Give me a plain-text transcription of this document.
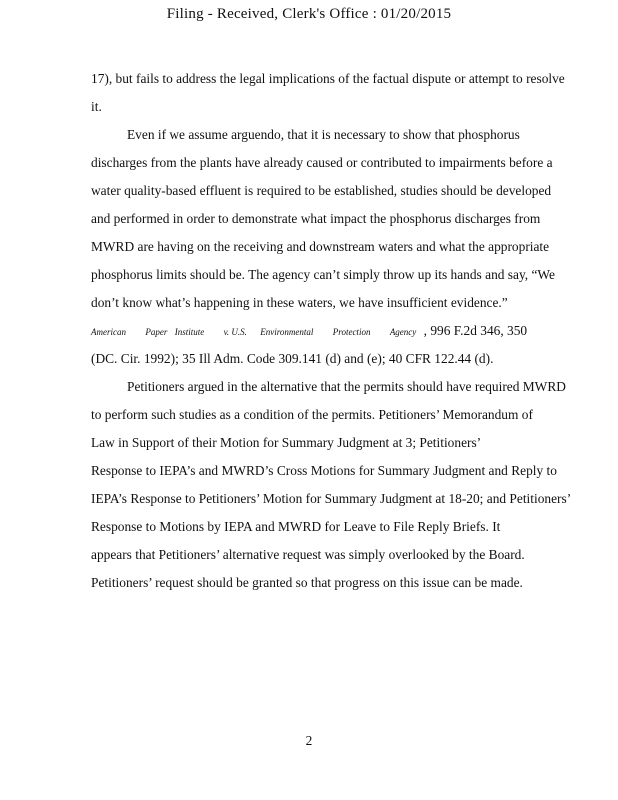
Filing - Received, Clerk's Office : 01/20/2015
17), but fails to address the legal implications of the factual dispute or attempt to resolve
it.
Even if we assume arguendo, that it is necessary to show that phosphorus
discharges from the plants have already caused or contributed to impairments before a
water quality-based effluent is required to be established, studies should be developed
and performed in order to demonstrate what impact the phosphorus discharges from
MWRD are having on the receiving and downstream waters and what the appropriate
phosphorus limits should be. The agency can’t simply throw up its hands and say, “We
don’t know what’s happening in these waters, we have insufficient evidence.”
American Paper Institute v. U.S. Environmental Protection Agency , 996 F.2d 346, 350
(DC. Cir. 1992); 35 Ill Adm. Code 309.141 (d) and (e); 40 CFR 122.44 (d).
Petitioners argued in the alternative that the permits should have required MWRD
to perform such studies as a condition of the permits. Petitioners’ Memorandum of
Law in Support of their Motion for Summary Judgment at 3; Petitioners’
Response to IEPA’s and MWRD’s Cross Motions for Summary Judgment and Reply to
IEPA’s Response to Petitioners’ Motion for Summary Judgment at 18-20; and Petitioners’
Response to Motions by IEPA and MWRD for Leave to File Reply Briefs. It
appears that Petitioners’ alternative request was simply overlooked by the Board.
Petitioners’ request should be granted so that progress on this issue can be made.
2
